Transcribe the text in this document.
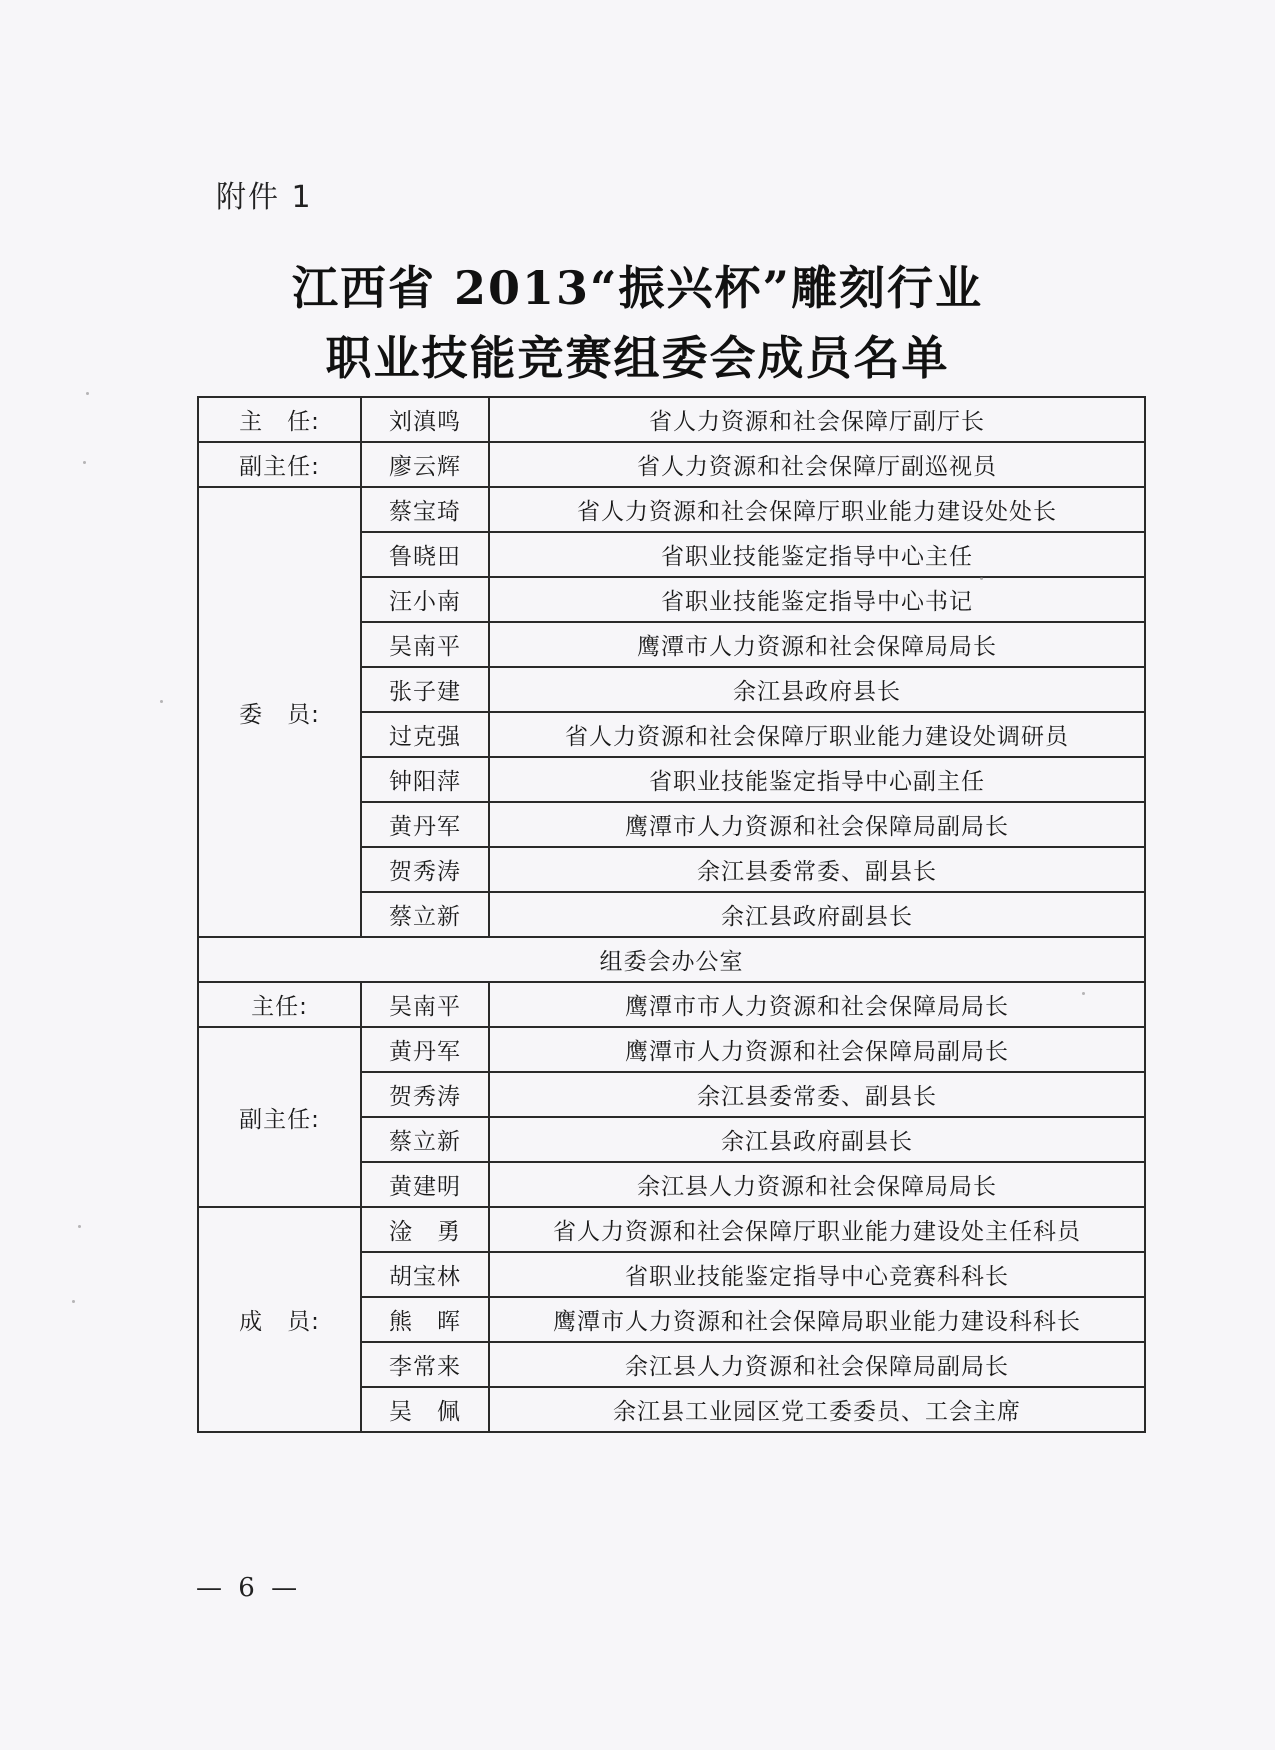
附件 1
江西省 2013“振兴杯”雕刻行业
职业技能竞赛组委会成员名单
主　任:	刘滇鸣	省人力资源和社会保障厅副厅长
副主任:	廖云辉	省人力资源和社会保障厅副巡视员
委　员:	蔡宝琦	省人力资源和社会保障厅职业能力建设处处长
	鲁晓田	省职业技能鉴定指导中心主任
	汪小南	省职业技能鉴定指导中心书记
	吴南平	鹰潭市人力资源和社会保障局局长
	张子建	余江县政府县长
	过克强	省人力资源和社会保障厅职业能力建设处调研员
	钟阳萍	省职业技能鉴定指导中心副主任
	黄丹军	鹰潭市人力资源和社会保障局副局长
	贺秀涛	余江县委常委、副县长
	蔡立新	余江县政府副县长
组委会办公室		
主任:	吴南平	鹰潭市市人力资源和社会保障局局长
副主任:	黄丹军	鹰潭市人力资源和社会保障局副局长
	贺秀涛	余江县委常委、副县长
	蔡立新	余江县政府副县长
	黄建明	余江县人力资源和社会保障局局长
成　员:	淦　勇	省人力资源和社会保障厅职业能力建设处主任科员
	胡宝林	省职业技能鉴定指导中心竞赛科科长
	熊　晖	鹰潭市人力资源和社会保障局职业能力建设科科长
	李常来	余江县人力资源和社会保障局副局长
	吴　佩	余江县工业园区党工委委员、工会主席
— 6 —
